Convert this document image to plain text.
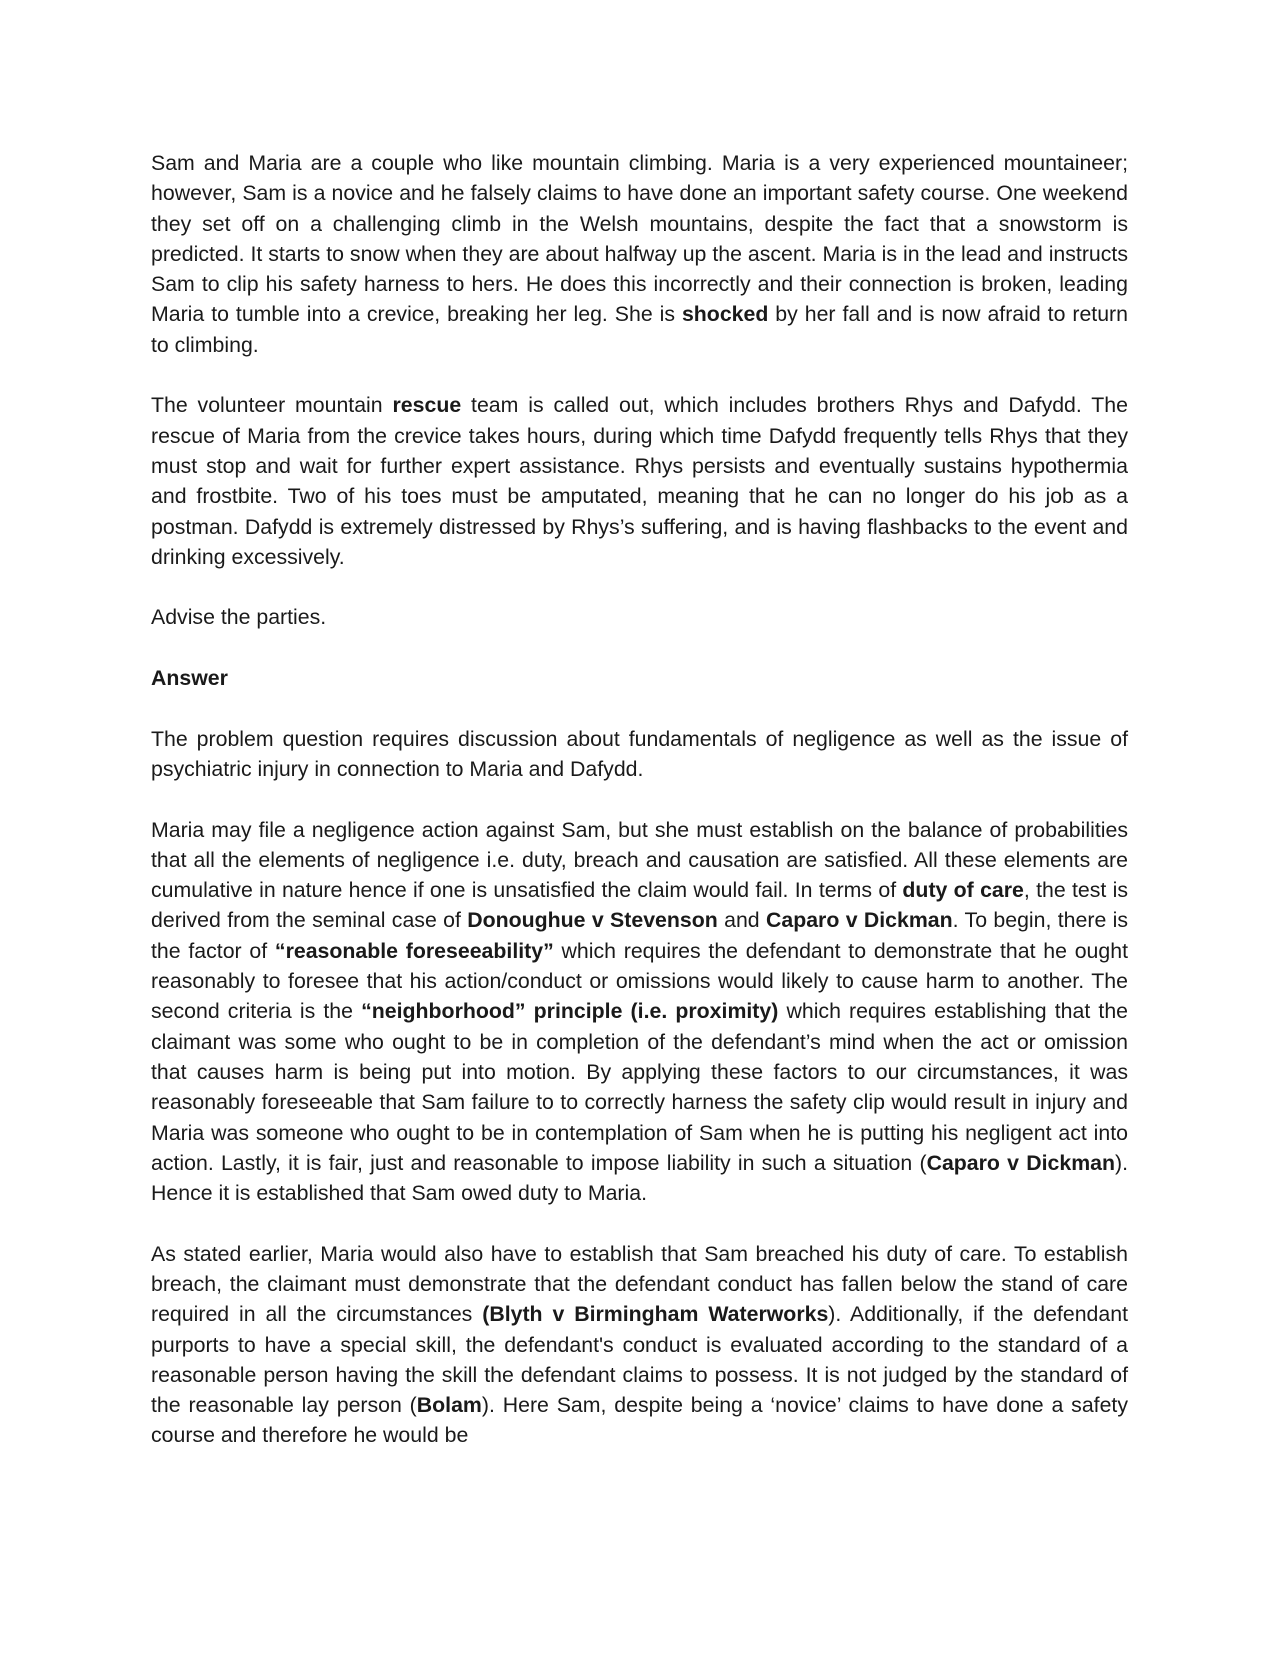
Sam and Maria are a couple who like mountain climbing. Maria is a very experienced mountaineer; however, Sam is a novice and he falsely claims to have done an important safety course. One weekend they set off on a challenging climb in the Welsh mountains, despite the fact that a snowstorm is predicted. It starts to snow when they are about halfway up the ascent. Maria is in the lead and instructs Sam to clip his safety harness to hers. He does this incorrectly and their connection is broken, leading Maria to tumble into a crevice, breaking her leg. She is shocked by her fall and is now afraid to return to climbing.

The volunteer mountain rescue team is called out, which includes brothers Rhys and Dafydd. The rescue of Maria from the crevice takes hours, during which time Dafydd frequently tells Rhys that they must stop and wait for further expert assistance. Rhys persists and eventually sustains hypothermia and frostbite. Two of his toes must be amputated, meaning that he can no longer do his job as a postman. Dafydd is extremely distressed by Rhys’s suffering, and is having flashbacks to the event and drinking excessively.

Advise the parties.

Answer

The problem question requires discussion about fundamentals of negligence as well as the issue of psychiatric injury in connection to Maria and Dafydd.

Maria may file a negligence action against Sam, but she must establish on the balance of probabilities that all the elements of negligence i.e. duty, breach and causation are satisfied. All these elements are cumulative in nature hence if one is unsatisfied the claim would fail. In terms of duty of care, the test is derived from the seminal case of Donoughue v Stevenson and Caparo v Dickman. To begin, there is the factor of “reasonable foreseeability” which requires the defendant to demonstrate that he ought reasonably to foresee that his action/conduct or omissions would likely to cause harm to another. The second criteria is the “neighborhood” principle (i.e. proximity) which requires establishing that the claimant was some who ought to be in completion of the defendant’s mind when the act or omission that causes harm is being put into motion. By applying these factors to our circumstances, it was reasonably foreseeable that Sam failure to to correctly harness the safety clip would result in injury and Maria was someone who ought to be in contemplation of Sam when he is putting his negligent act into action. Lastly, it is fair, just and reasonable to impose liability in such a situation (Caparo v Dickman). Hence it is established that Sam owed duty to Maria.

As stated earlier, Maria would also have to establish that Sam breached his duty of care. To establish breach, the claimant must demonstrate that the defendant conduct has fallen below the stand of care required in all the circumstances (Blyth v Birmingham Waterworks). Additionally, if the defendant purports to have a special skill, the defendant's conduct is evaluated according to the standard of a reasonable person having the skill the defendant claims to possess. It is not judged by the standard of the reasonable lay person (Bolam). Here Sam, despite being a ‘novice’ claims to have done a safety course and therefore he would be
